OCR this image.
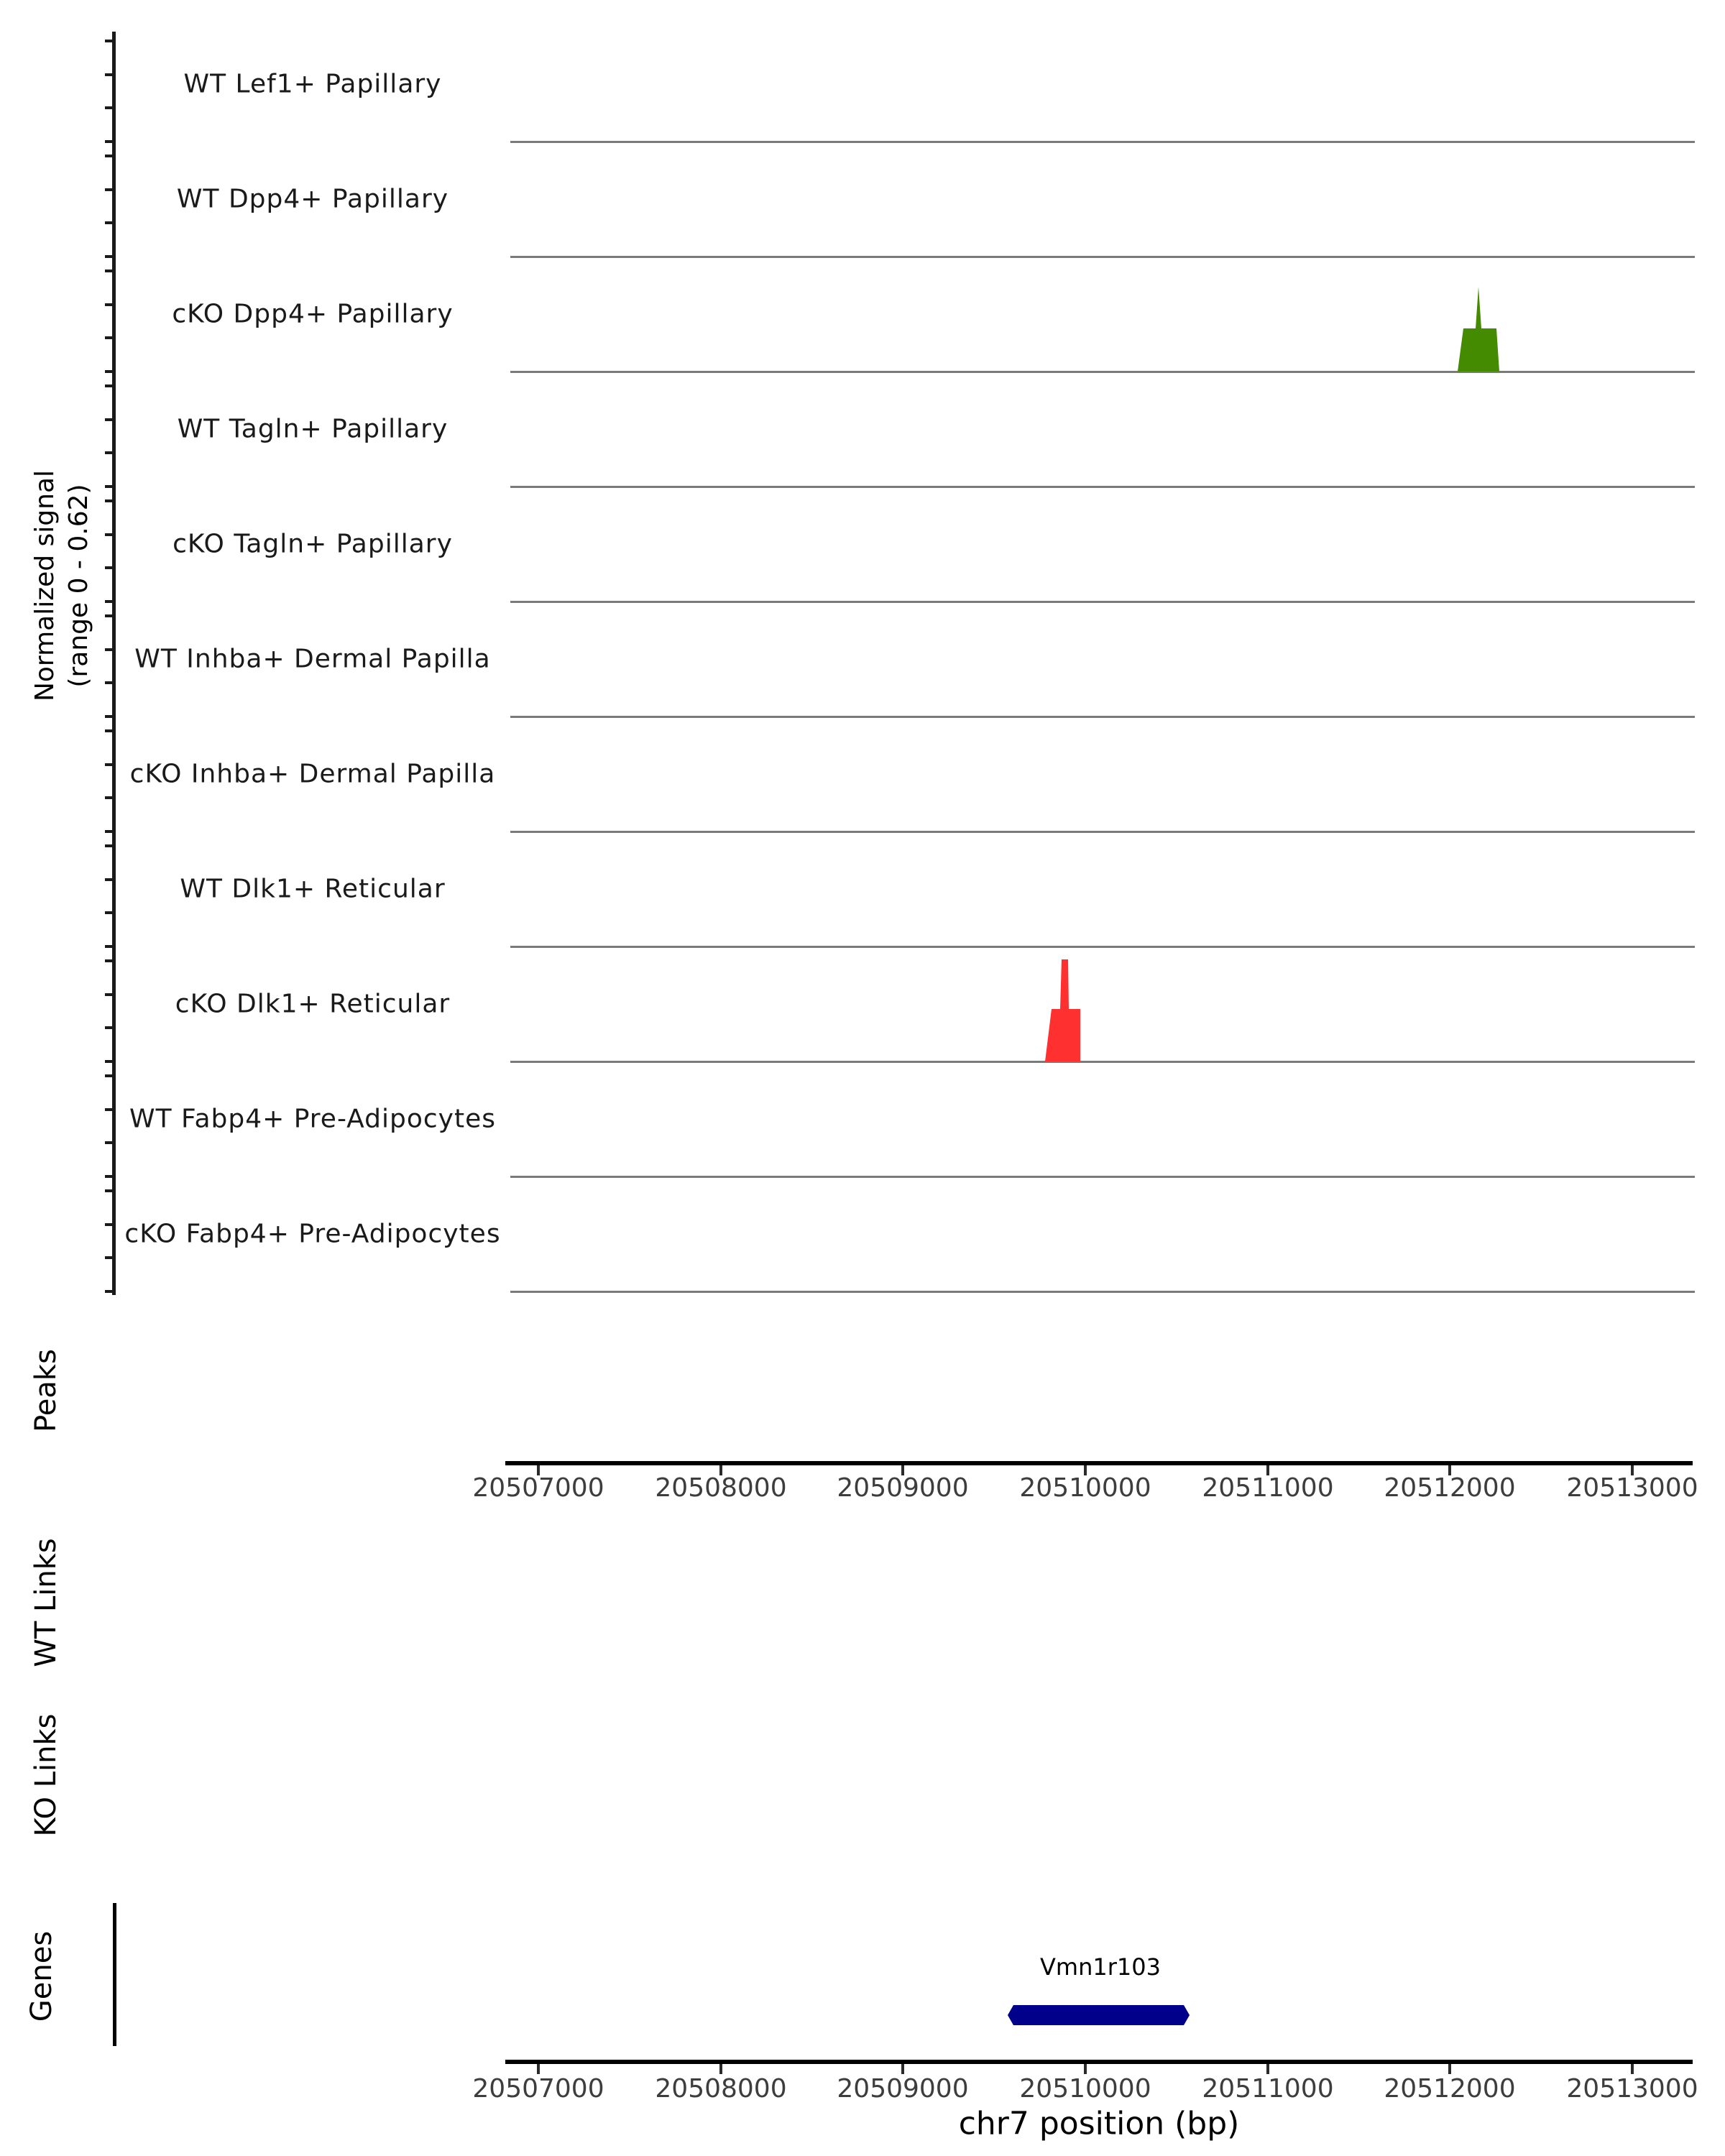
Normalized signal (range 0 - 0.62)
WT Lef1+ Papillary
WT Dpp4+ Papillary
cKO Dpp4+ Papillary
WT Tagln+ Papillary
cKO Tagln+ Papillary
WT Inhba+ Dermal Papilla
cKO Inhba+ Dermal Papilla
WT Dlk1+ Reticular
cKO Dlk1+ Reticular
WT Fabp4+ Pre-Adipocytes
cKO Fabp4+ Pre-Adipocytes
Peaks
WT Links
KO Links
Genes	Vmn1r103
20507000 20508000 20509000 20510000 20511000 20512000 20513000
20507000 20508000 20509000 20510000 20511000 20512000 20513000
chr7 position (bp)
